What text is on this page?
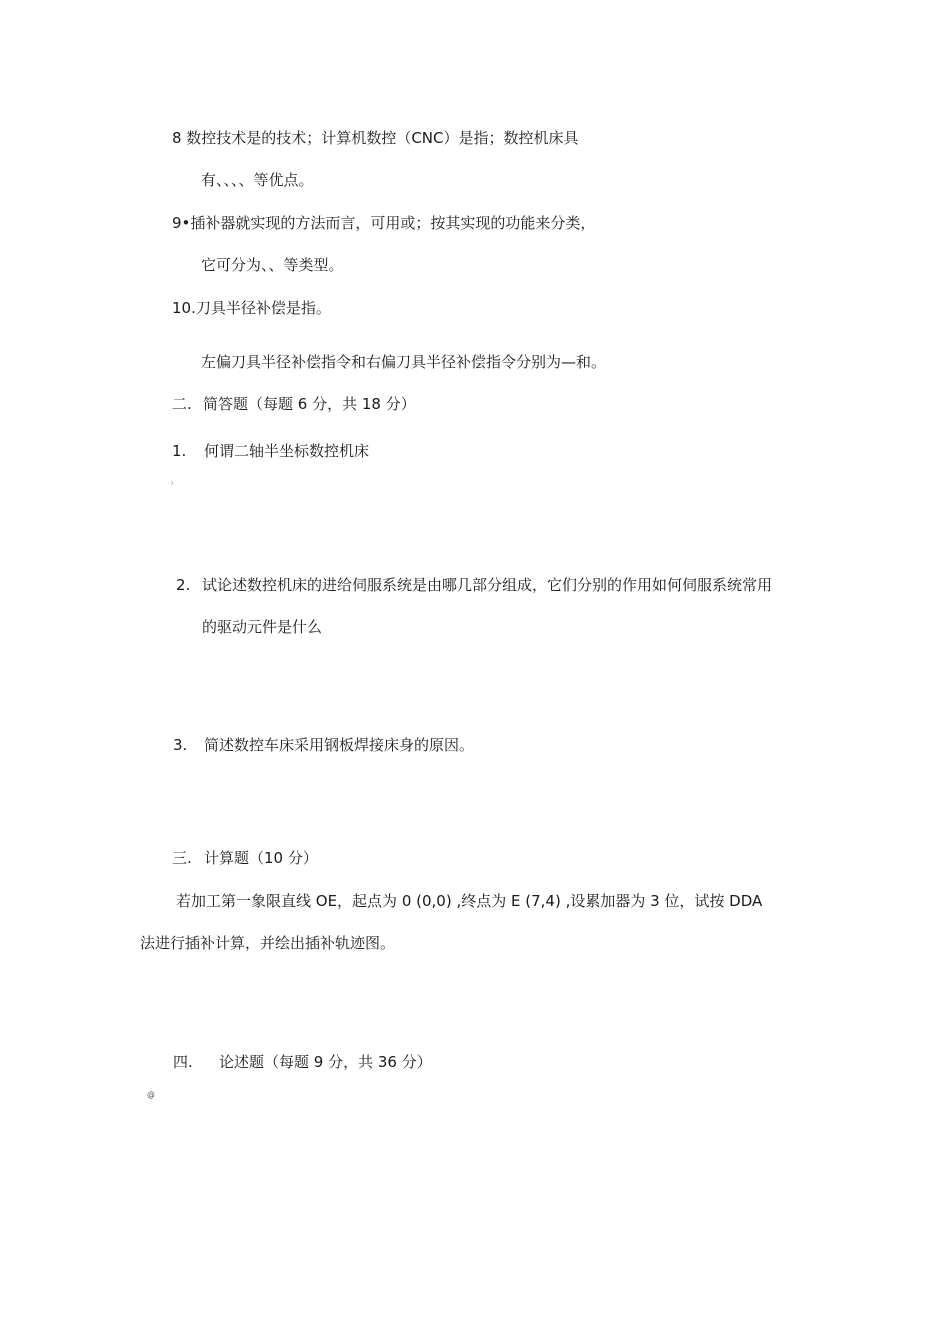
8 数控技术是的技术；计算机数控（CNC）是指；数控机床具
有、、、、等优点。
9•插补器就实现的方法而言，可用或；按其实现的功能来分类，
它可分为、、等类型。
10.刀具半径补偿是指。
左偏刀具半径补偿指令和右偏刀具半径补偿指令分别为—和。
二. 简答题（每题 6 分，共 18 分）
1. 何谓二轴半坐标数控机床
⁾
2. 试论述数控机床的进给伺服系统是由哪几部分组成，它们分别的作用如何伺服系统常用
的驱动元件是什么
3. 简述数控车床采用钢板焊接床身的原因。
三. 计算题（10 分）
若加工第一象限直线 OE，起点为 0 (0,0) ,终点为 E (7,4) ,设累加器为 3 位，试按 DDA
法进行插补计算，并绘出插补轨迹图。
四. 论述题（每题 9 分，共 36 分）
@
